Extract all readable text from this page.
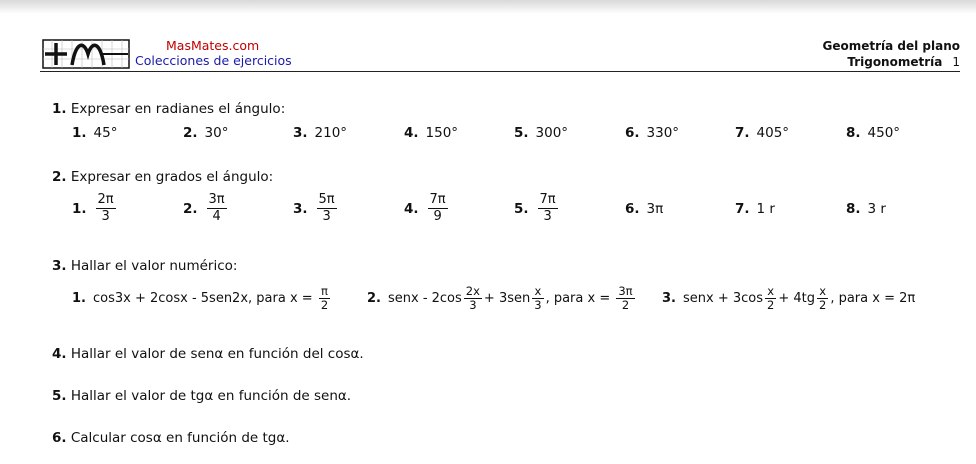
MasMates.com
Colecciones de ejercicios
Geometría del plano
Trigonometría 1
1. Expresar en radianes el ángulo:
1. 45°	2. 30°	3. 210°	4. 150°	5. 300°	6. 330°	7. 405°	8. 450°
2. Expresar en grados el ángulo:
1. $\frac{2\pi}{3}$	2. $\frac{3\pi}{4}$	3. $\frac{5\pi}{3}$	4. $\frac{7\pi}{9}$	5. $\frac{7\pi}{3}$	6. 3π	7. 1 r	8. 3 r
3. Hallar el valor numérico:
1. cos3x + 2cosx - 5sen2x, para $x = \frac{\pi}{2}$	2. senx - $2\cos \frac{2x}{3} + 3sen \frac{x}{3}$ , para $x = \frac{3\pi}{2} 3$. senx + $3\cos \frac{x}{2} + 4tg \frac{x}{2}$ , para x = 2π
4. Hallar el valor de senα en función del cosα.
5. Hallar el valor de tgα en función de senα.
6. Calcular cosα en función de tgα.
